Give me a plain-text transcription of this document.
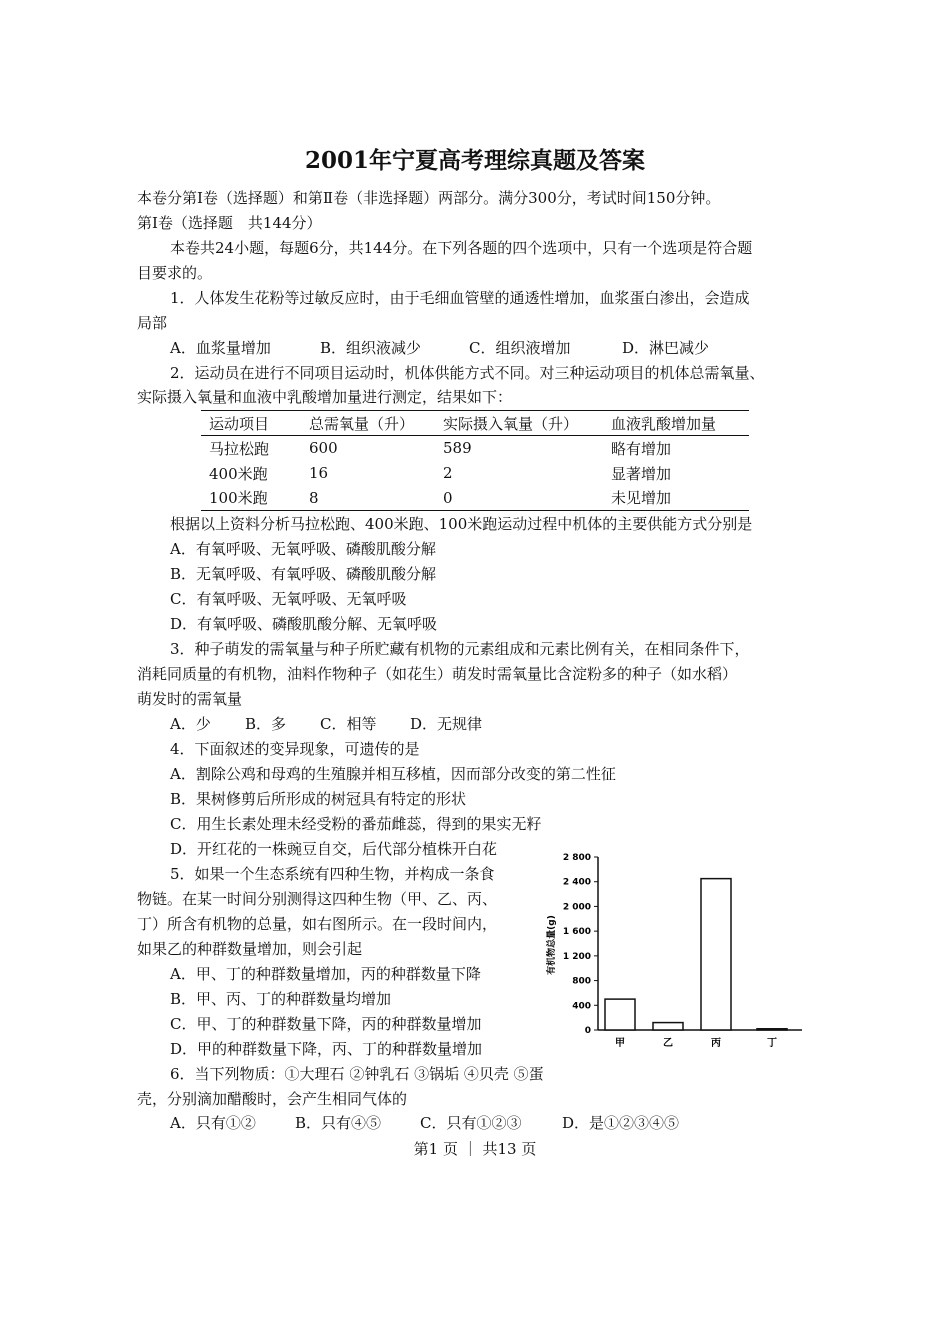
2001年宁夏高考理综真题及答案
本卷分第Ⅰ卷（选择题）和第Ⅱ卷（非选择题）两部分。满分300分，考试时间150分钟。
第Ⅰ卷（选择题　共144分）
本卷共24小题，每题6分，共144分。在下列各题的四个选项中，只有一个选项是符合题
目要求的。
1．人体发生花粉等过敏反应时，由于毛细血管壁的通透性增加，血浆蛋白渗出，会造成
局部
A．血浆量增加	B．组织液减少	C．组织液增加	D．淋巴减少
2．运动员在进行不同项目运动时，机体供能方式不同。对三种运动项目的机体总需氧量、
实际摄入氧量和血液中乳酸增加量进行测定，结果如下：
运动项目	总需氧量（升）	实际摄入氧量（升）	血液乳酸增加量
马拉松跑	600	589	略有增加
400米跑	16	2	显著增加
100米跑	8	0	未见增加
根据以上资料分析马拉松跑、400米跑、100米跑运动过程中机体的主要供能方式分别是
A．有氧呼吸、无氧呼吸、磷酸肌酸分解
B．无氧呼吸、有氧呼吸、磷酸肌酸分解
C．有氧呼吸、无氧呼吸、无氧呼吸
D．有氧呼吸、磷酸肌酸分解、无氧呼吸
3．种子萌发的需氧量与种子所贮藏有机物的元素组成和元素比例有关，在相同条件下，
消耗同质量的有机物，油料作物种子（如花生）萌发时需氧量比含淀粉多的种子（如水稻）
萌发时的需氧量
A．少 B．多 C．相等 D．无规律
4．下面叙述的变异现象，可遗传的是
A．割除公鸡和母鸡的生殖腺并相互移植，因而部分改变的第二性征
B．果树修剪后所形成的树冠具有特定的形状
C．用生长素处理未经受粉的番茄雌蕊，得到的果实无籽
D．开红花的一株豌豆自交，后代部分植株开白花
5．如果一个生态系统有四种生物，并构成一条食
物链。在某一时间分别测得这四种生物（甲、乙、丙、
丁）所含有机物的总量，如右图所示。在一段时间内，
如果乙的种群数量增加，则会引起
A．甲、丁的种群数量增加，丙的种群数量下降
B．甲、丙、丁的种群数量均增加
C．甲、丁的种群数量下降，丙的种群数量增加
D．甲的种群数量下降，丙、丁的种群数量增加
有机物总量(g)
0
400
800
1 200
1 600
2 000
2 400
2 800
甲	乙	丙	丁
6．当下列物质：①大理石 ②钟乳石 ③锅垢 ④贝壳 ⑤蛋
壳，分别滴加醋酸时，会产生相同气体的
A．只有①②	B．只有④⑤	C．只有①②③	D．是①②③④⑤
第1 页 ｜ 共13 页
